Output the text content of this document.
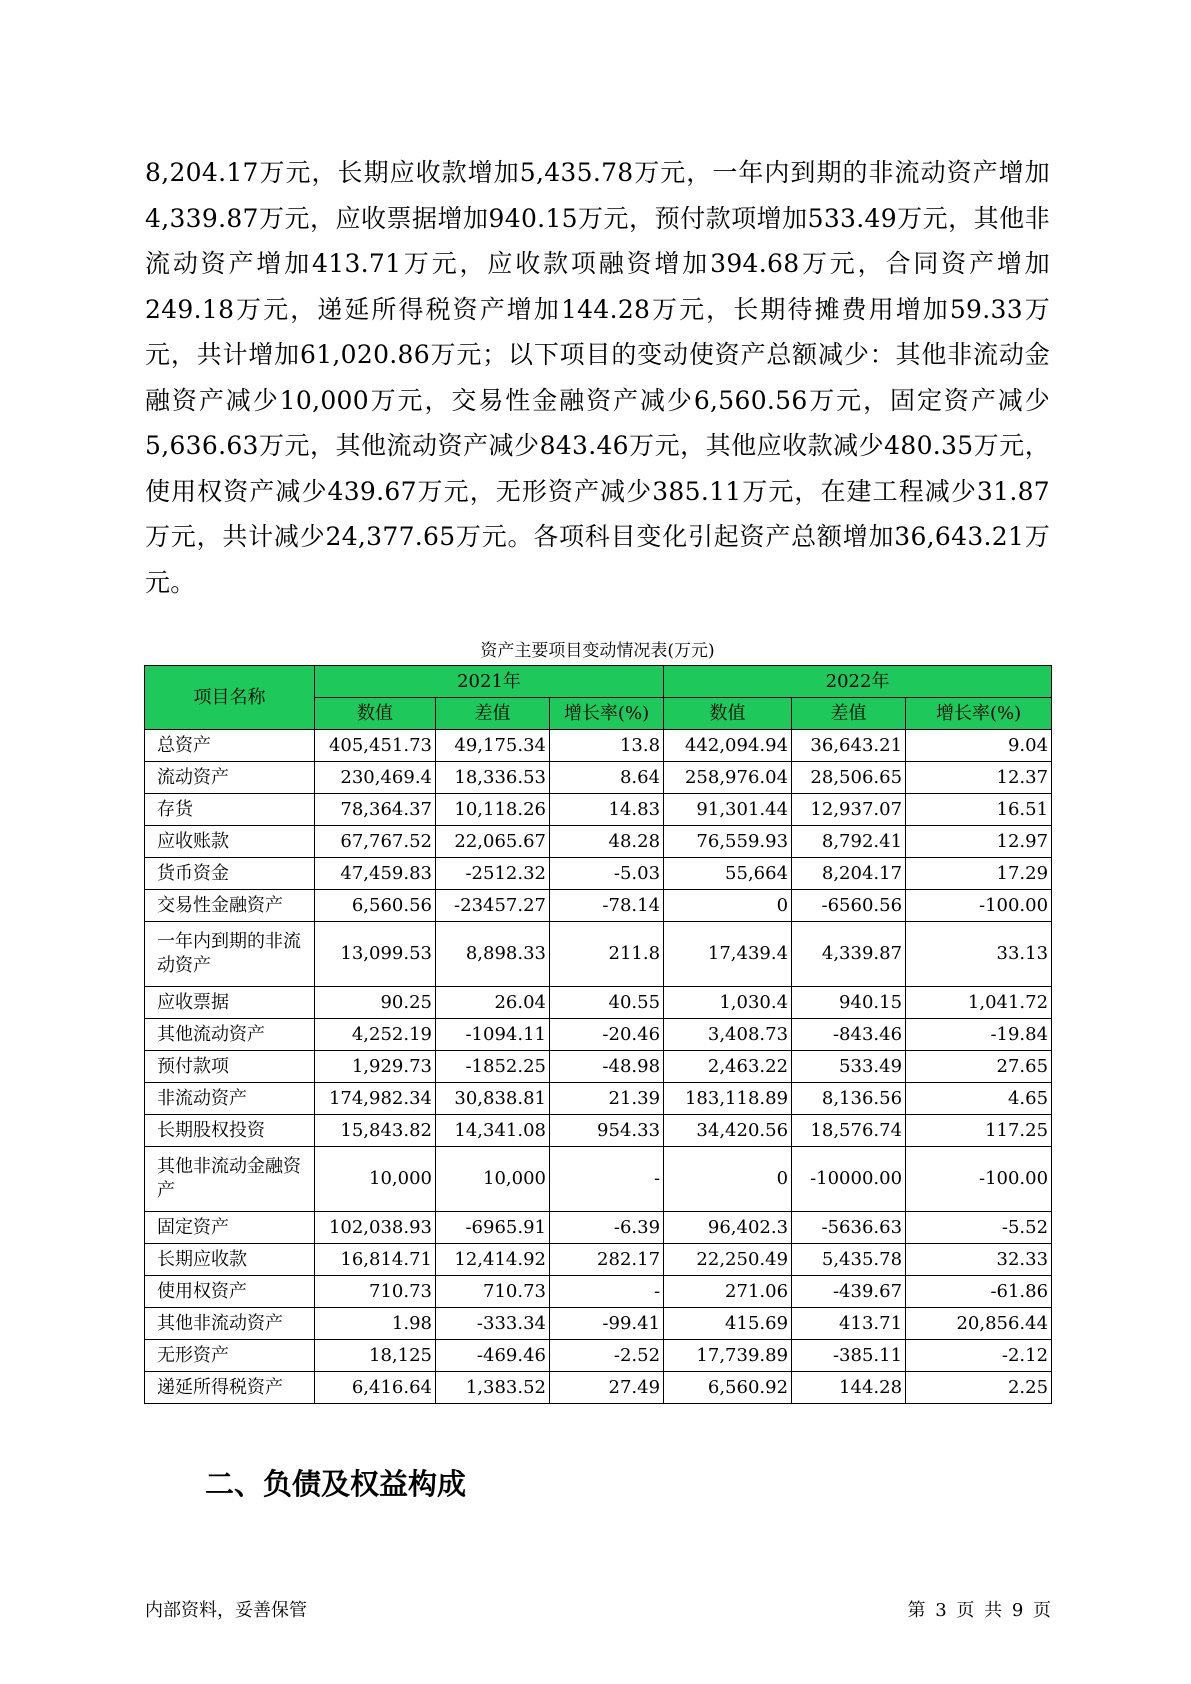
8,204.17万元，长期应收款增加5,435.78万元，一年内到期的非流动资产增加4,339.87万元，应收票据增加940.15万元，预付款项增加533.49万元，其他非流动资产增加413.71万元，应收款项融资增加394.68万元，合同资产增加249.18万元，递延所得税资产增加144.28万元，长期待摊费用增加59.33万元，共计增加61,020.86万元；以下项目的变动使资产总额减少：其他非流动金融资产减少10,000万元，交易性金融资产减少6,560.56万元，固定资产减少5,636.63万元，其他流动资产减少843.46万元，其他应收款减少480.35万元，使用权资产减少439.67万元，无形资产减少385.11万元，在建工程减少31.87万元，共计减少24,377.65万元。各项科目变化引起资产总额增加36,643.21万元。

资产主要项目变动情况表(万元)
项目名称	2021年			2022年		
	数值	差值	增长率(%)	数值	差值	增长率(%)
总资产	405,451.73	49,175.34	13.8	442,094.94	36,643.21	9.04
流动资产	230,469.4	18,336.53	8.64	258,976.04	28,506.65	12.37
存货	78,364.37	10,118.26	14.83	91,301.44	12,937.07	16.51
应收账款	67,767.52	22,065.67	48.28	76,559.93	8,792.41	12.97
货币资金	47,459.83	-2512.32	-5.03	55,664	8,204.17	17.29
交易性金融资产	6,560.56	-23457.27	-78.14	0	-6560.56	-100.00
一年内到期的非流动资产	13,099.53	8,898.33	211.8	17,439.4	4,339.87	33.13
应收票据	90.25	26.04	40.55	1,030.4	940.15	1,041.72
其他流动资产	4,252.19	-1094.11	-20.46	3,408.73	-843.46	-19.84
预付款项	1,929.73	-1852.25	-48.98	2,463.22	533.49	27.65
非流动资产	174,982.34	30,838.81	21.39	183,118.89	8,136.56	4.65
长期股权投资	15,843.82	14,341.08	954.33	34,420.56	18,576.74	117.25
其他非流动金融资产	10,000	10,000	-	0	-10000.00	-100.00
固定资产	102,038.93	-6965.91	-6.39	96,402.3	-5636.63	-5.52
长期应收款	16,814.71	12,414.92	282.17	22,250.49	5,435.78	32.33
使用权资产	710.73	710.73	-	271.06	-439.67	-61.86
其他非流动资产	1.98	-333.34	-99.41	415.69	413.71	20,856.44
无形资产	18,125	-469.46	-2.52	17,739.89	-385.11	-2.12
递延所得税资产	6,416.64	1,383.52	27.49	6,560.92	144.28	2.25
二、负债及权益构成
内部资料，妥善保管	第 3 页 共 9 页
